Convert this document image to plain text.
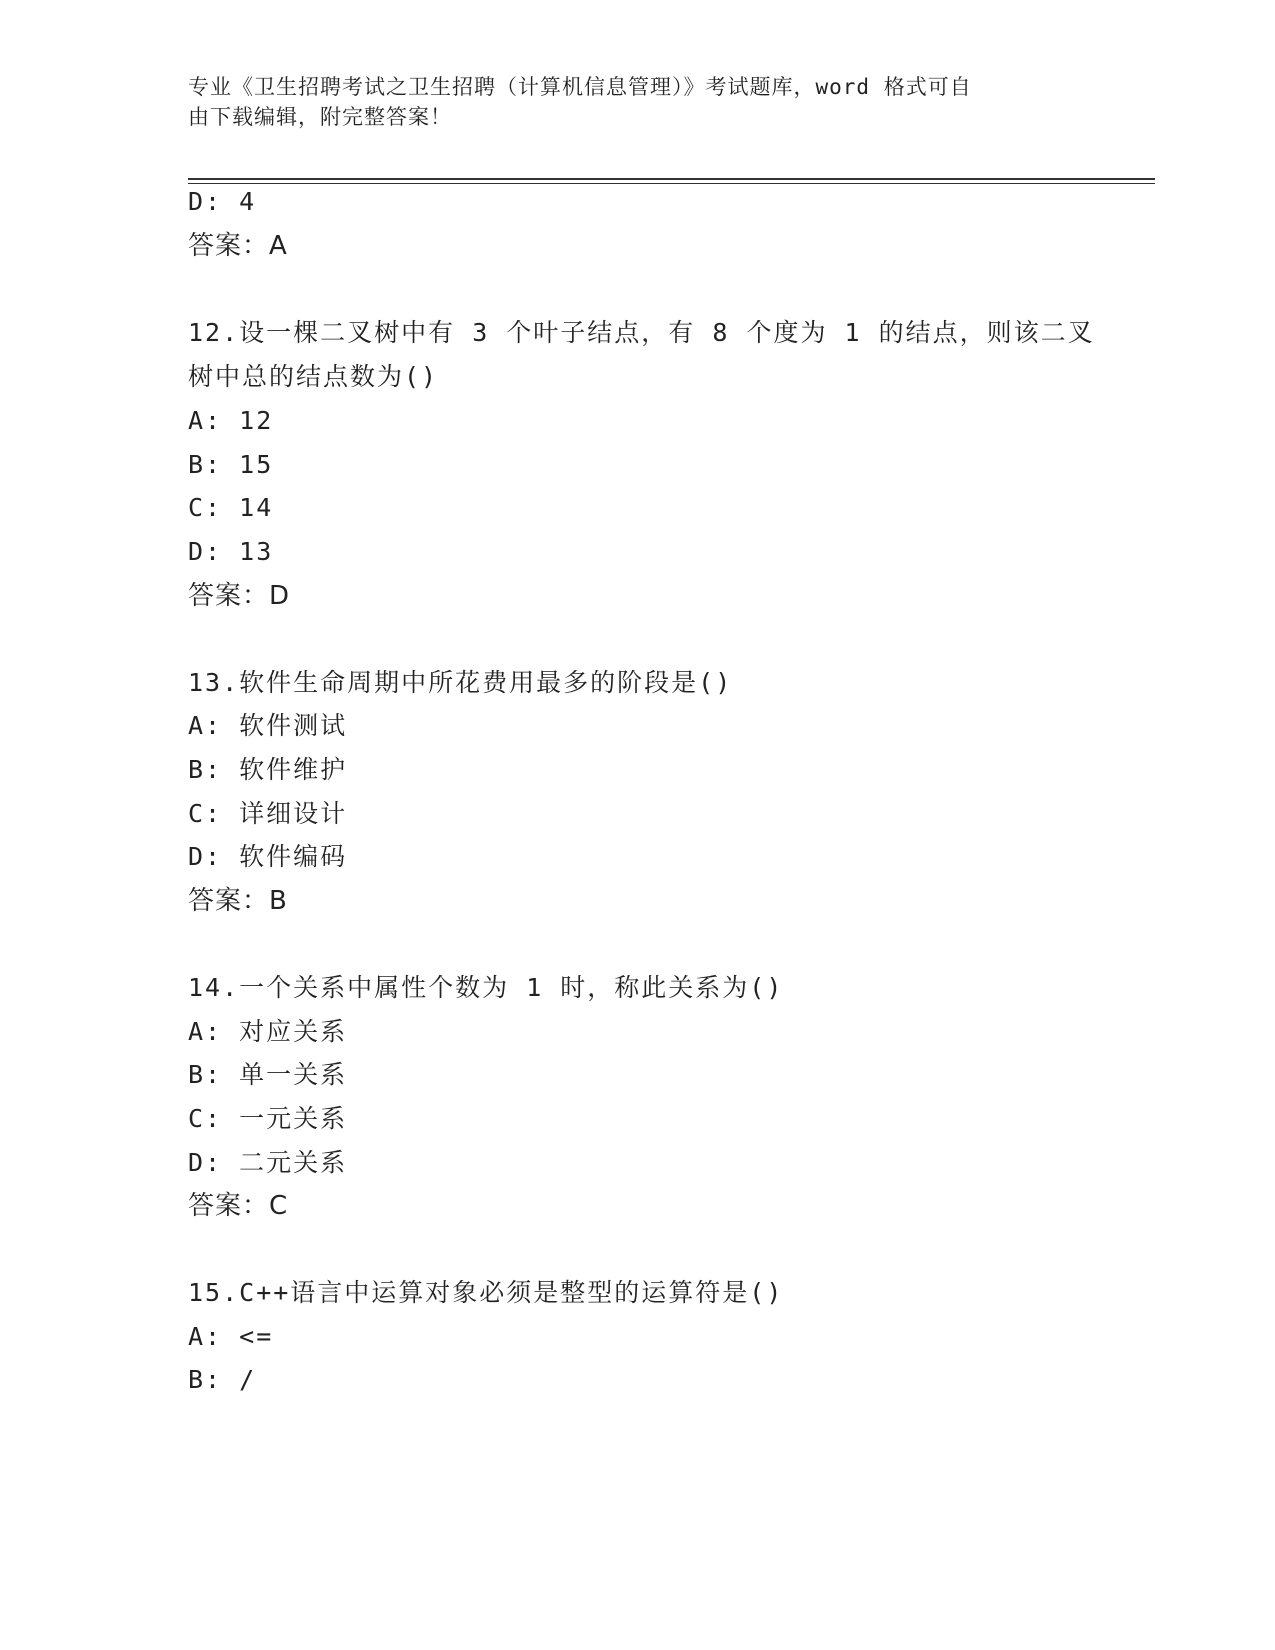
专业《卫生招聘考试之卫生招聘（计算机信息管理）》考试题库，word 格式可自
由下载编辑，附完整答案！
D: 4
答案：A
12.设一棵二叉树中有 3 个叶子结点，有 8 个度为 1 的结点，则该二叉
树中总的结点数为()
A: 12
B: 15
C: 14
D: 13
答案：D
13.软件生命周期中所花费用最多的阶段是()
A: 软件测试
B: 软件维护
C: 详细设计
D: 软件编码
答案：B
14.一个关系中属性个数为 1 时，称此关系为()
A: 对应关系
B: 单一关系
C: 一元关系
D: 二元关系
答案：C
15.C++语言中运算对象必须是整型的运算符是()
A: <=
B: /
